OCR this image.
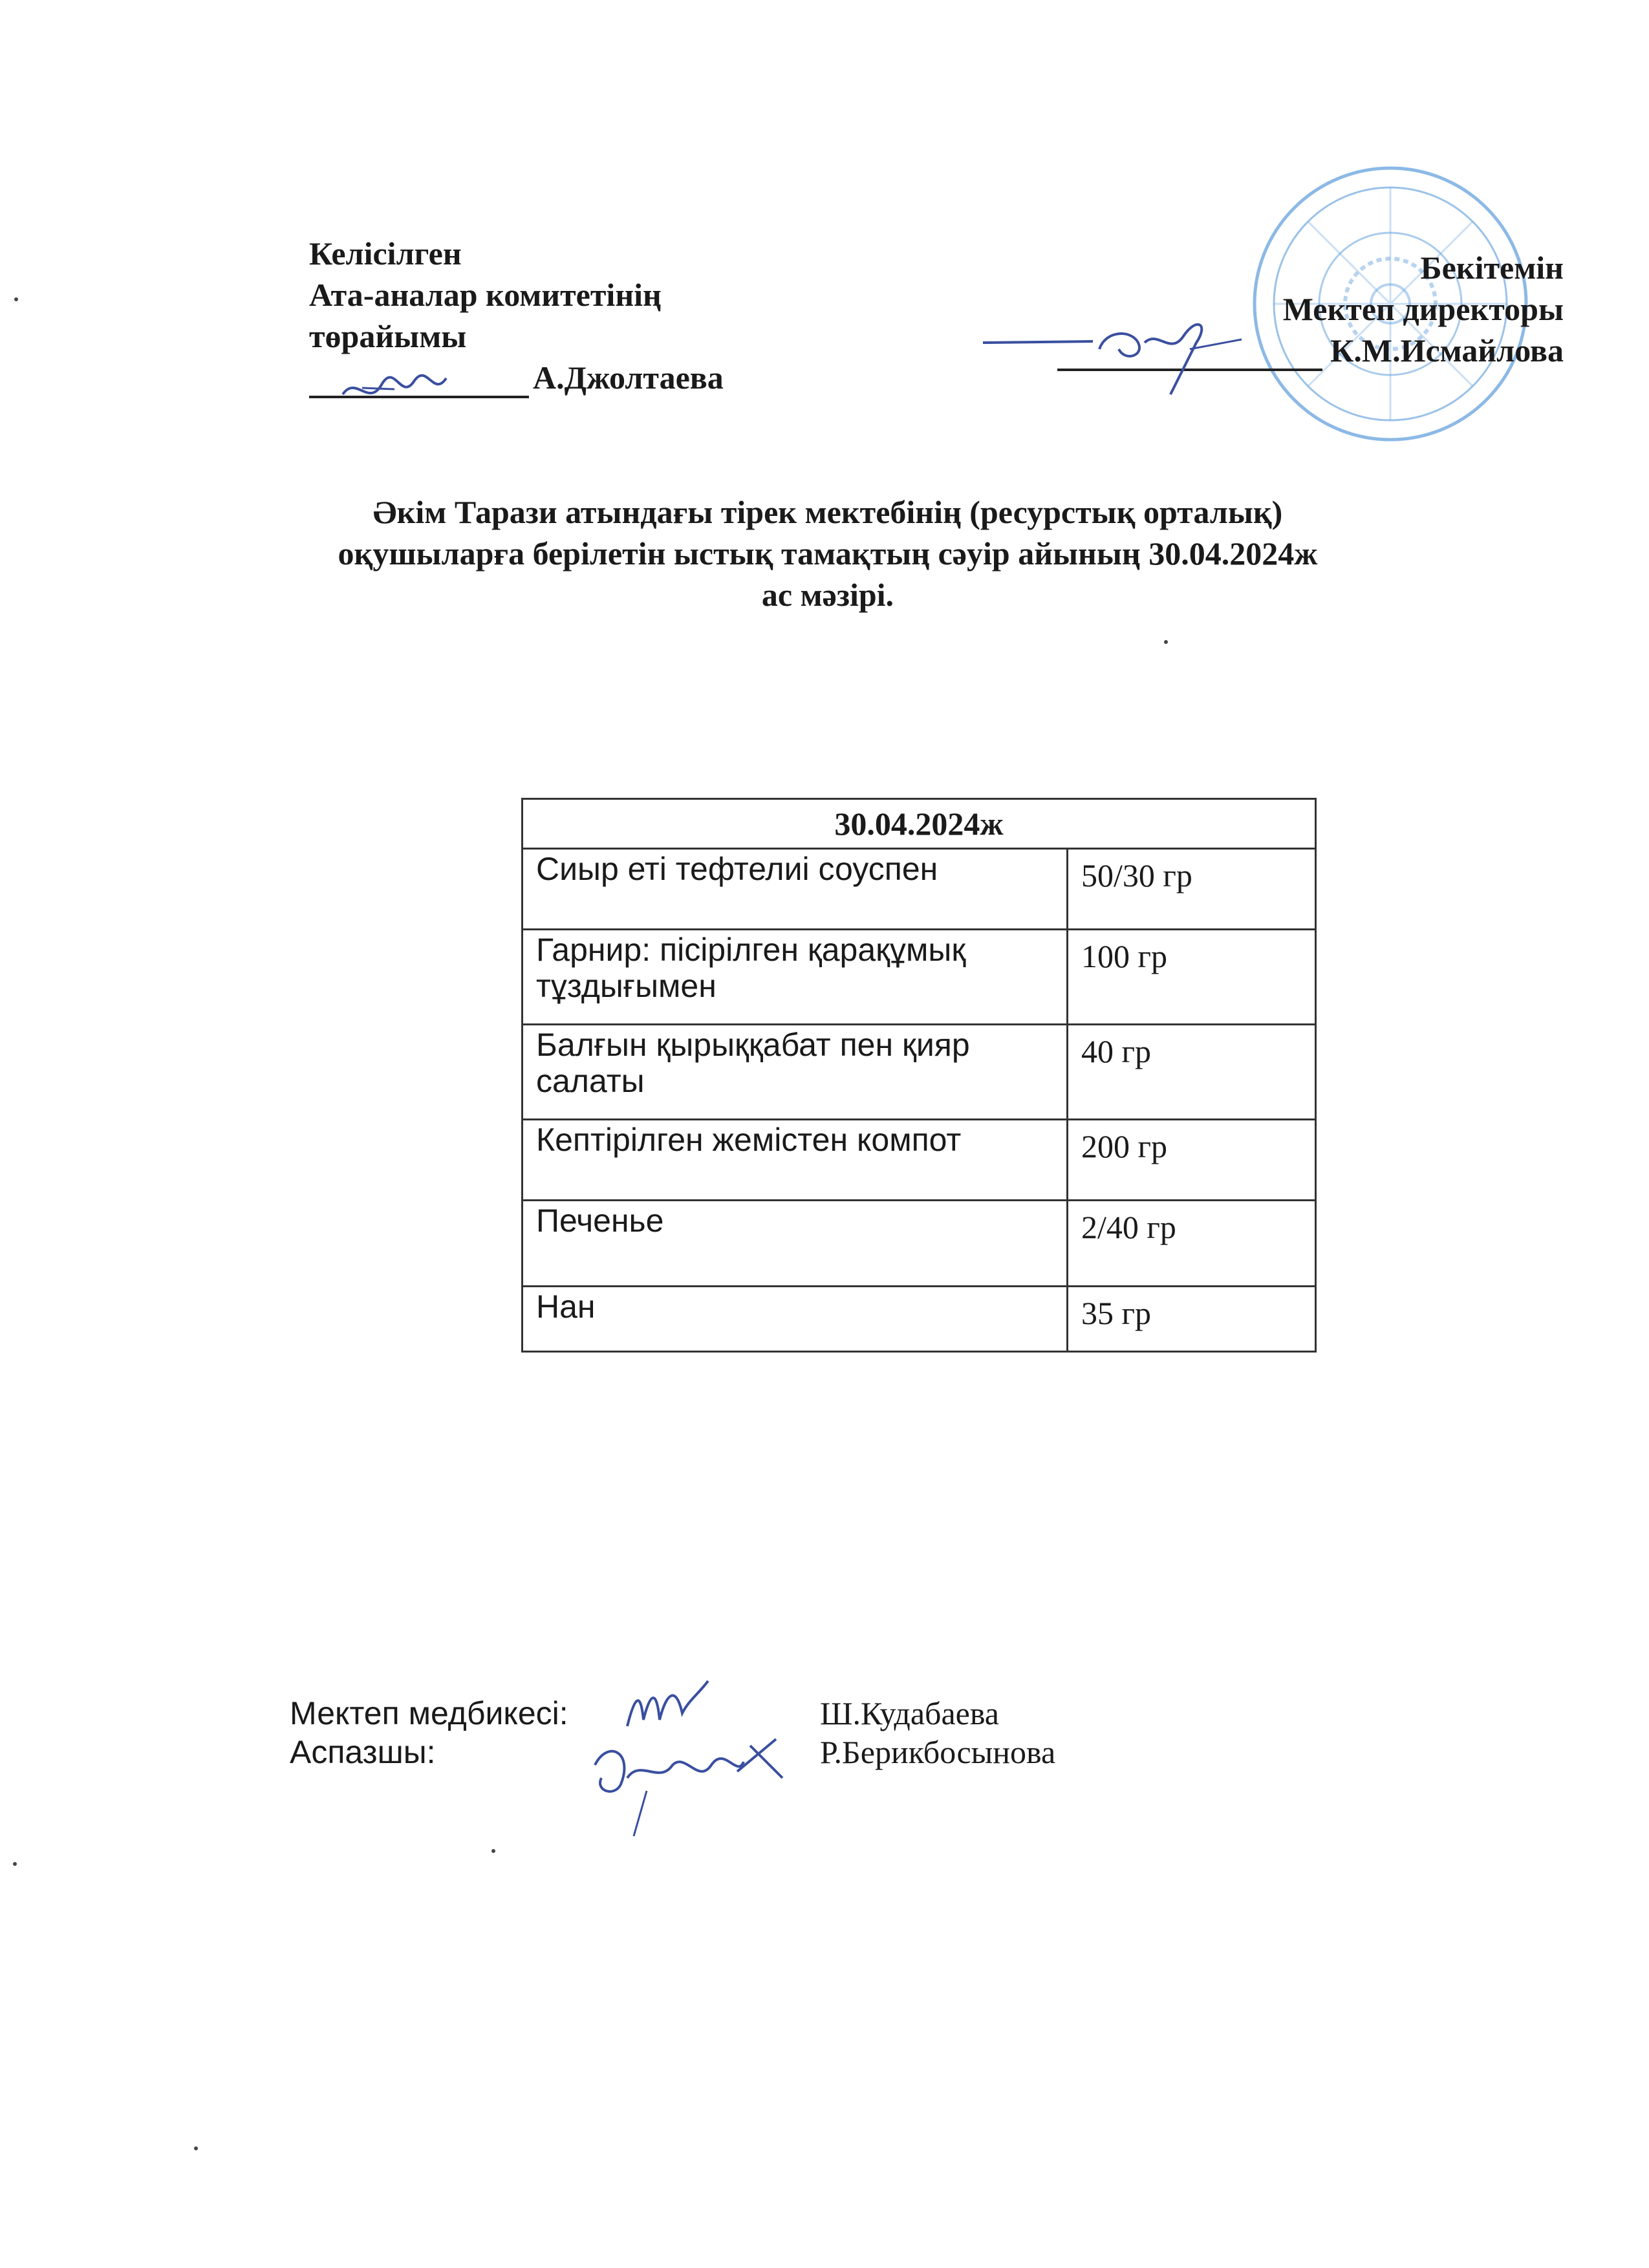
Келісілген
Ата-аналар комитетінің
төрайымы
А.Джолтаева
Бекітемін
Мектеп директоры
К.М.Исмайлова
Әкім Тарази атындағы тірек мектебінің (ресурстық орталық)
оқушыларға берілетін ыстық тамақтың сәуір айының 30.04.2024ж
ас мәзірі.
30.04.2024ж	
Сиыр еті тефтелиі соуспен	50/30 гр
Гарнир: пісірілген қарақұмық тұздығымен	100 гр
Балғын қырыққабат пен қияр салаты	40 гр
Кептірілген жемістен компот	200 гр
Печенье	2/40 гр
Нан	35 гр
Мектеп медбикесі:	Ш.Кудабаева
Аспазшы:	Р.Берикбосынова
